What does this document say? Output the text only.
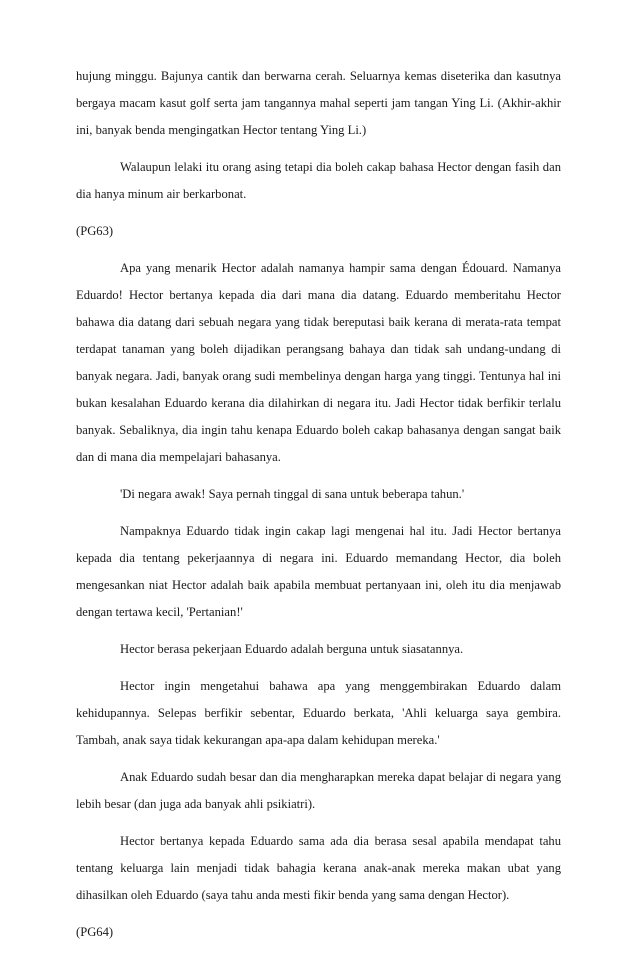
hujung minggu. Bajunya cantik dan berwarna cerah. Seluarnya kemas diseterika dan kasutnya bergaya macam kasut golf serta jam tangannya mahal seperti jam tangan Ying Li. (Akhir-akhir ini, banyak benda mengingatkan Hector tentang Ying Li.)

Walaupun lelaki itu orang asing tetapi dia boleh cakap bahasa Hector dengan fasih dan dia hanya minum air berkarbonat.

(PG63)

Apa yang menarik Hector adalah namanya hampir sama dengan Édouard. Namanya Eduardo! Hector bertanya kepada dia dari mana dia datang. Eduardo memberitahu Hector bahawa dia datang dari sebuah negara yang tidak bereputasi baik kerana di merata-rata tempat terdapat tanaman yang boleh dijadikan perangsang bahaya dan tidak sah undang-undang di banyak negara. Jadi, banyak orang sudi membelinya dengan harga yang tinggi. Tentunya hal ini bukan kesalahan Eduardo kerana dia dilahirkan di negara itu. Jadi Hector tidak berfikir terlalu banyak. Sebaliknya, dia ingin tahu kenapa Eduardo boleh cakap bahasanya dengan sangat baik dan di mana dia mempelajari bahasanya.

'Di negara awak! Saya pernah tinggal di sana untuk beberapa tahun.'

Nampaknya Eduardo tidak ingin cakap lagi mengenai hal itu. Jadi Hector bertanya kepada dia tentang pekerjaannya di negara ini. Eduardo memandang Hector, dia boleh mengesankan niat Hector adalah baik apabila membuat pertanyaan ini, oleh itu dia menjawab dengan tertawa kecil, 'Pertanian!'

Hector berasa pekerjaan Eduardo adalah berguna untuk siasatannya.

Hector ingin mengetahui bahawa apa yang menggembirakan Eduardo dalam kehidupannya. Selepas berfikir sebentar, Eduardo berkata, 'Ahli keluarga saya gembira. Tambah, anak saya tidak kekurangan apa-apa dalam kehidupan mereka.'

Anak Eduardo sudah besar dan dia mengharapkan mereka dapat belajar di negara yang lebih besar (dan juga ada banyak ahli psikiatri).

Hector bertanya kepada Eduardo sama ada dia berasa sesal apabila mendapat tahu tentang keluarga lain menjadi tidak bahagia kerana anak-anak mereka makan ubat yang dihasilkan oleh Eduardo (saya tahu anda mesti fikir benda yang sama dengan Hector).

(PG64)
